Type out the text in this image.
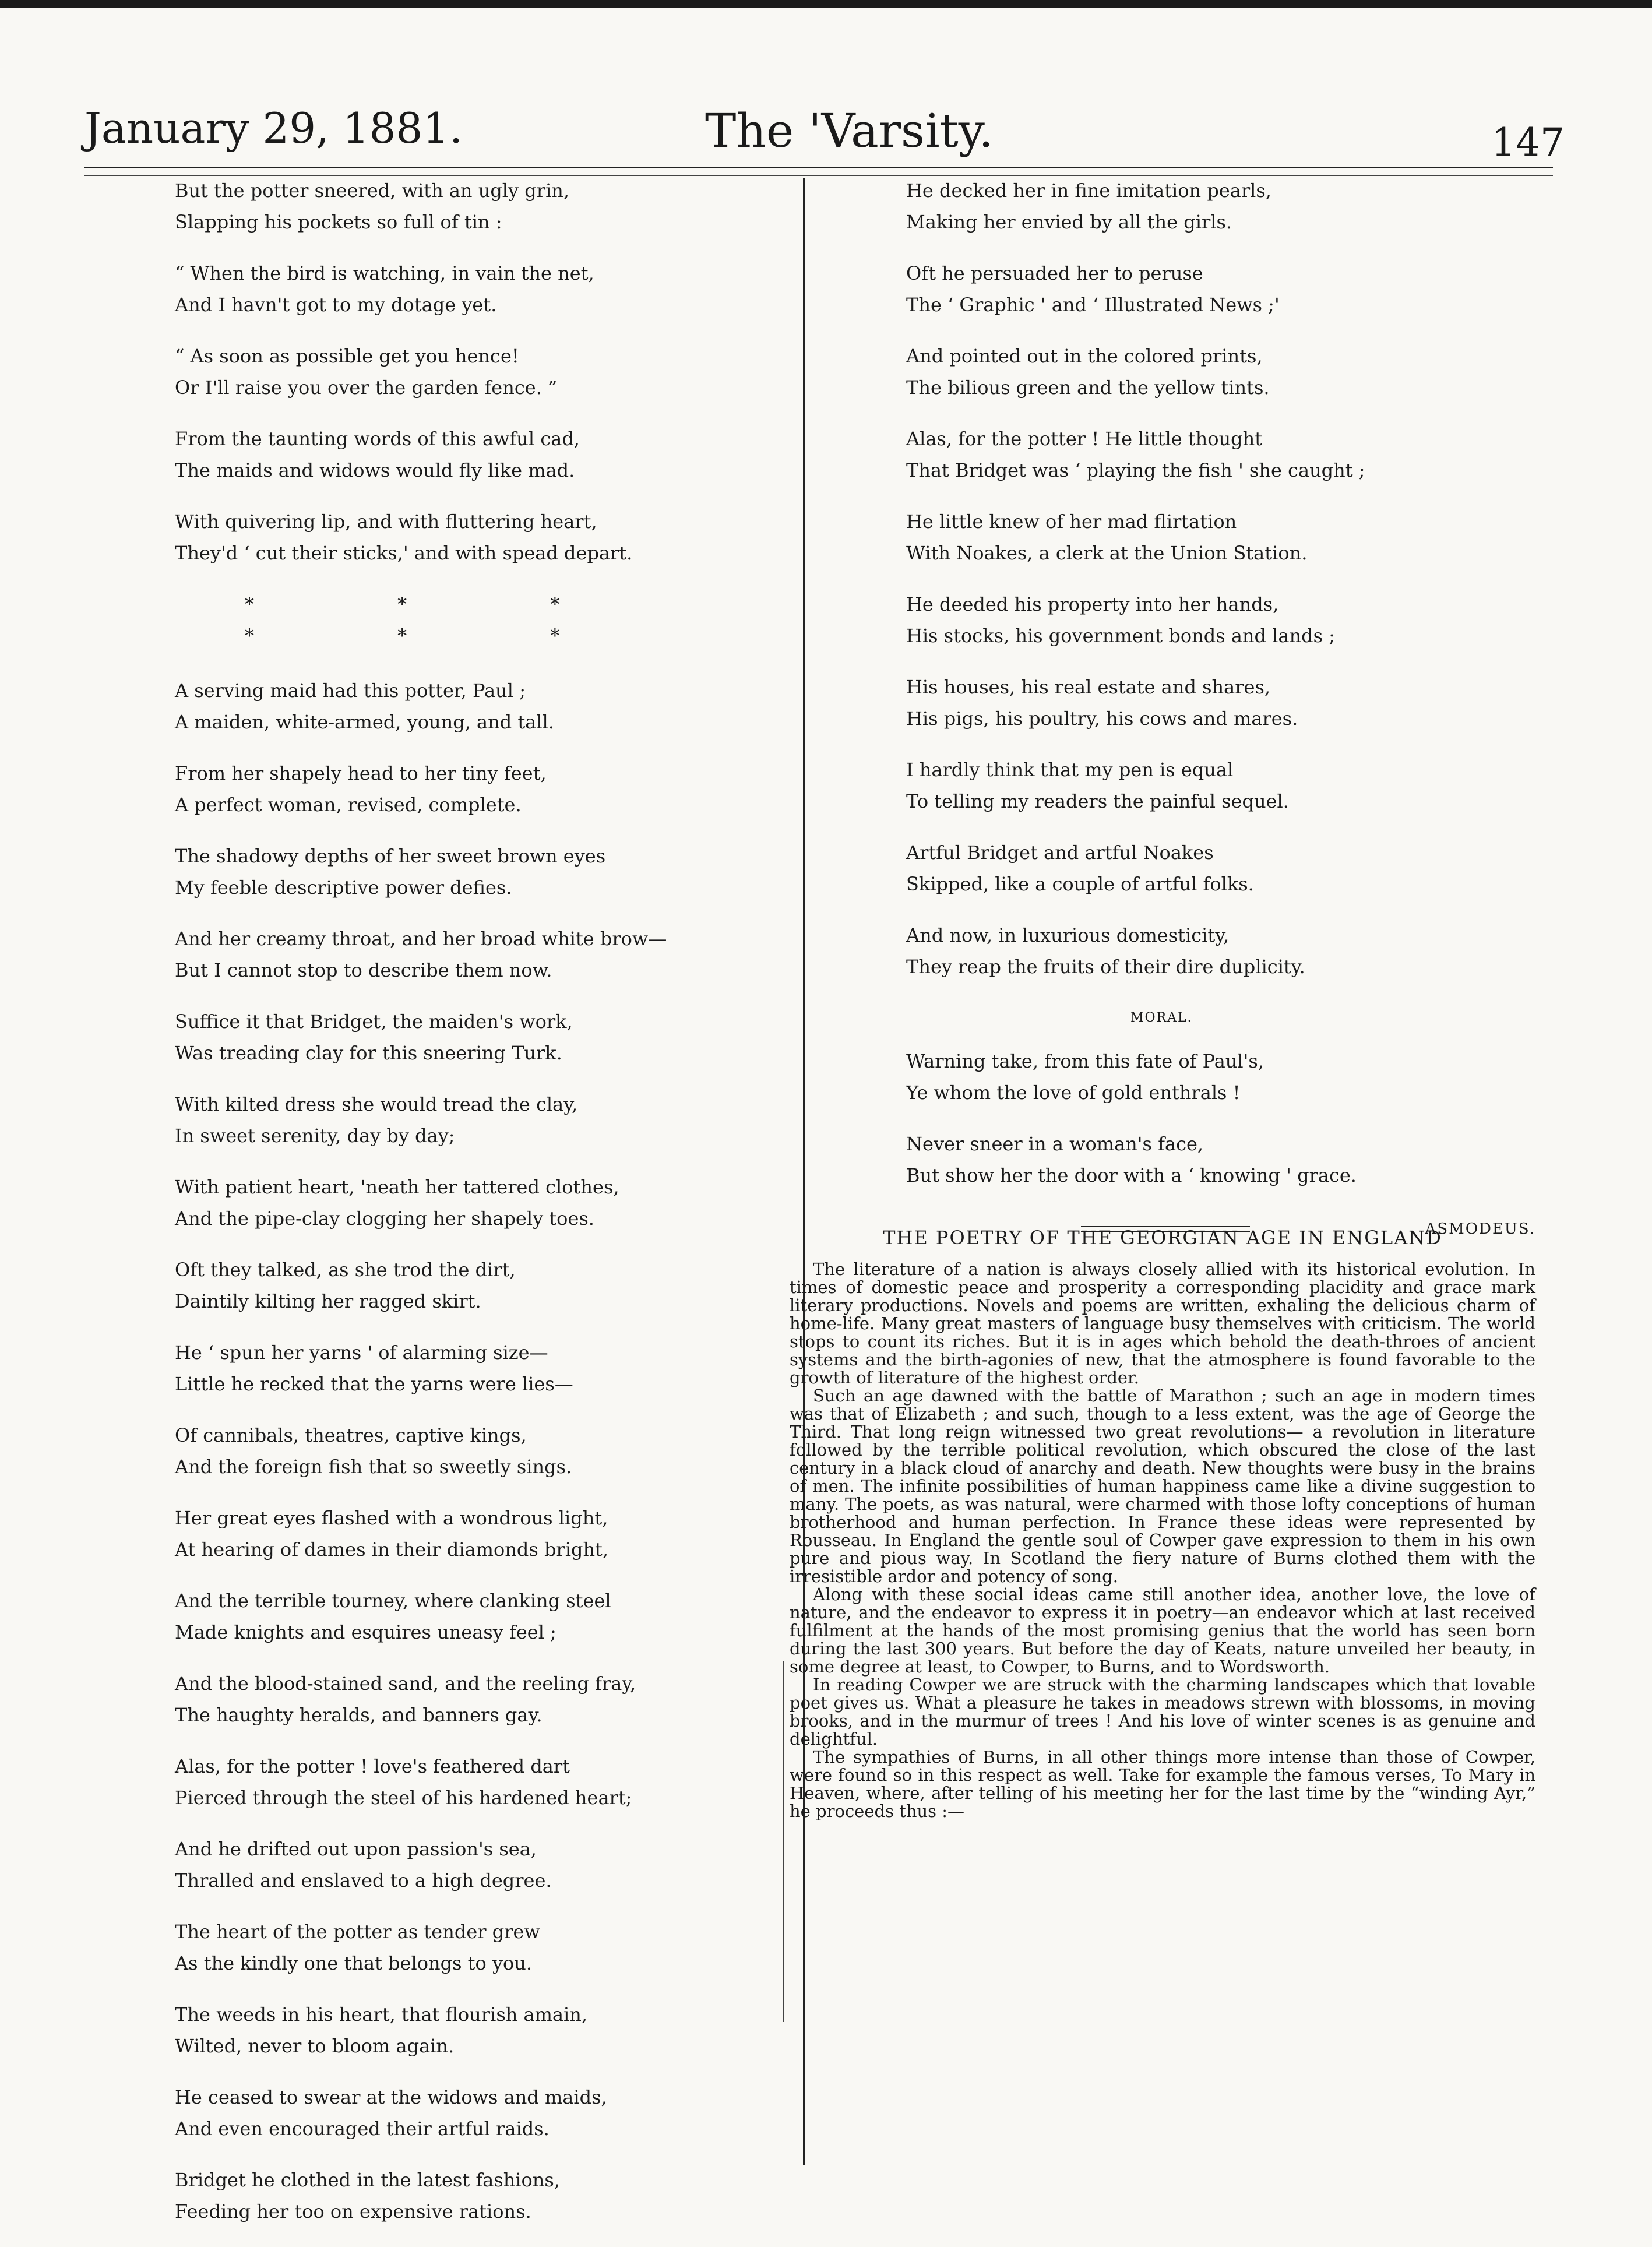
January 29, 1881.	The 'Varsity.	147
But the potter sneered, with an ugly grin,
Slapping his pockets so full of tin :
“ When the bird is watching, in vain the net,
And I havn't got to my dotage yet.
“ As soon as possible get you hence!
Or I'll raise you over the garden fence. ”
From the taunting words of this awful cad,
The maids and widows would fly like mad.
With quivering lip, and with fluttering heart,
They'd ‘ cut their sticks,' and with spead depart.
* * * * * *
A serving maid had this potter, Paul ;
A maiden, white-armed, young, and tall.
From her shapely head to her tiny feet,
A perfect woman, revised, complete.
The shadowy depths of her sweet brown eyes
My feeble descriptive power defies.
And her creamy throat, and her broad white brow—
But I cannot stop to describe them now.
Suffice it that Bridget, the maiden's work,
Was treading clay for this sneering Turk.
With kilted dress she would tread the clay,
In sweet serenity, day by day;
With patient heart, 'neath her tattered clothes,
And the pipe-clay clogging her shapely toes.
Oft they talked, as she trod the dirt,
Daintily kilting her ragged skirt.
He ‘ spun her yarns ' of alarming size—
Little he recked that the yarns were lies—
Of cannibals, theatres, captive kings,
And the foreign fish that so sweetly sings.
Her great eyes flashed with a wondrous light,
At hearing of dames in their diamonds bright,
And the terrible tourney, where clanking steel
Made knights and esquires uneasy feel ;
And the blood-stained sand, and the reeling fray,
The haughty heralds, and banners gay.
Alas, for the potter ! love's feathered dart
Pierced through the steel of his hardened heart;
And he drifted out upon passion's sea,
Thralled and enslaved to a high degree.
The heart of the potter as tender grew
As the kindly one that belongs to you.
The weeds in his heart, that flourish amain,
Wilted, never to bloom again.
He ceased to swear at the widows and maids,
And even encouraged their artful raids.
Bridget he clothed in the latest fashions,
Feeding her too on expensive rations.
He decked her in fine imitation pearls,
Making her envied by all the girls.
Oft he persuaded her to peruse
The ‘ Graphic ' and ‘ Illustrated News ;'
And pointed out in the colored prints,
The bilious green and the yellow tints.
Alas, for the potter ! He little thought
That Bridget was ‘ playing the fish ' she caught ;
He little knew of her mad flirtation
With Noakes, a clerk at the Union Station.
He deeded his property into her hands,
His stocks, his government bonds and lands ;
His houses, his real estate and shares,
His pigs, his poultry, his cows and mares.
I hardly think that my pen is equal
To telling my readers the painful sequel.
Artful Bridget and artful Noakes
Skipped, like a couple of artful folks.
And now, in luxurious domesticity,
They reap the fruits of their dire duplicity.
MORAL.
Warning take, from this fate of Paul's,
Ye whom the love of gold enthrals !
Never sneer in a woman's face,
But show her the door with a ‘ knowing ' grace.
ASMODEUS.
THE POETRY OF THE GEORGIAN AGE IN ENGLAND

The literature of a nation is always closely allied with its historical evolution. In times of domestic peace and prosperity a corresponding placidity and grace mark literary productions. Novels and poems are written, exhaling the delicious charm of home-life. Many great masters of language busy themselves with criticism. The world stops to count its riches. But it is in ages which behold the death-throes of ancient systems and the birth-agonies of new, that the atmosphere is found favorable to the growth of literature of the highest order.

Such an age dawned with the battle of Marathon ; such an age in modern times was that of Elizabeth ; and such, though to a less extent, was the age of George the Third. That long reign witnessed two great revolutions— a revolution in literature followed by the terrible political revolution, which obscured the close of the last century in a black cloud of anarchy and death. New thoughts were busy in the brains of men. The infinite possibilities of human happiness came like a divine suggestion to many. The poets, as was natural, were charmed with those lofty conceptions of human brotherhood and human perfection. In France these ideas were represented by Rousseau. In England the gentle soul of Cowper gave expression to them in his own pure and pious way. In Scotland the fiery nature of Burns clothed them with the irresistible ardor and potency of song.

Along with these social ideas came still another idea, another love, the love of nature, and the endeavor to express it in poetry—an endeavor which at last received fulfilment at the hands of the most promising genius that the world has seen born during the last 300 years. But before the day of Keats, nature unveiled her beauty, in some degree at least, to Cowper, to Burns, and to Wordsworth.

In reading Cowper we are struck with the charming landscapes which that lovable poet gives us. What a pleasure he takes in meadows strewn with blossoms, in moving brooks, and in the murmur of trees ! And his love of winter scenes is as genuine and delightful.

The sympathies of Burns, in all other things more intense than those of Cowper, were found so in this respect as well. Take for example the famous verses, To Mary in Heaven, where, after telling of his meeting her for the last time by the “winding Ayr,” he proceeds thus :—
